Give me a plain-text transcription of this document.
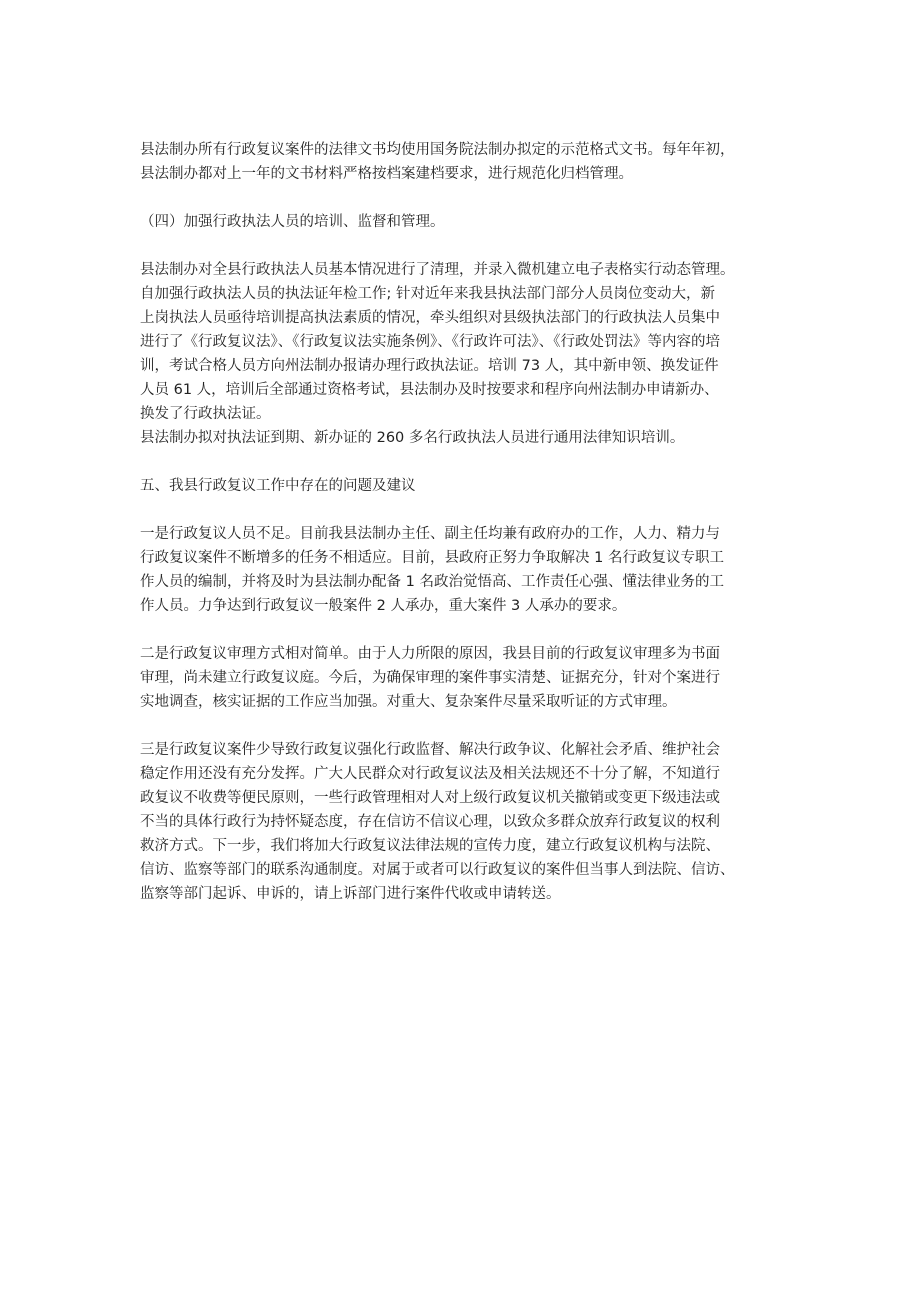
县法制办所有行政复议案件的法律文书均使用国务院法制办拟定的示范格式文书。每年年初，
县法制办都对上一年的文书材料严格按档案建档要求，进行规范化归档管理。

（四）加强行政执法人员的培训、监督和管理。

县法制办对全县行政执法人员基本情况进行了清理，并录入微机建立电子表格实行动态管理。
自加强行政执法人员的执法证年检工作; 针对近年来我县执法部门部分人员岗位变动大，新
上岗执法人员亟待培训提高执法素质的情况，牵头组织对县级执法部门的行政执法人员集中
进行了《行政复议法》、《行政复议法实施条例》、《行政许可法》、《行政处罚法》等内容的培
训，考试合格人员方向州法制办报请办理行政执法证。培训 73 人，其中新申领、换发证件
人员 61 人，培训后全部通过资格考试，县法制办及时按要求和程序向州法制办申请新办、
换发了行政执法证。
县法制办拟对执法证到期、新办证的 260 多名行政执法人员进行通用法律知识培训。

五、我县行政复议工作中存在的问题及建议

一是行政复议人员不足。目前我县法制办主任、副主任均兼有政府办的工作，人力、精力与
行政复议案件不断增多的任务不相适应。目前，县政府正努力争取解决 1 名行政复议专职工
作人员的编制，并将及时为县法制办配备 1 名政治觉悟高、工作责任心强、懂法律业务的工
作人员。力争达到行政复议一般案件 2 人承办，重大案件 3 人承办的要求。

二是行政复议审理方式相对简单。由于人力所限的原因，我县目前的行政复议审理多为书面
审理，尚未建立行政复议庭。今后，为确保审理的案件事实清楚、证据充分，针对个案进行
实地调查，核实证据的工作应当加强。对重大、复杂案件尽量采取听证的方式审理。

三是行政复议案件少导致行政复议强化行政监督、解决行政争议、化解社会矛盾、维护社会
稳定作用还没有充分发挥。广大人民群众对行政复议法及相关法规还不十分了解，不知道行
政复议不收费等便民原则，一些行政管理相对人对上级行政复议机关撤销或变更下级违法或
不当的具体行政行为持怀疑态度，存在信访不信议心理，以致众多群众放弃行政复议的权利
救济方式。下一步，我们将加大行政复议法律法规的宣传力度，建立行政复议机构与法院、
信访、监察等部门的联系沟通制度。对属于或者可以行政复议的案件但当事人到法院、信访、
监察等部门起诉、申诉的，请上诉部门进行案件代收或申请转送。
